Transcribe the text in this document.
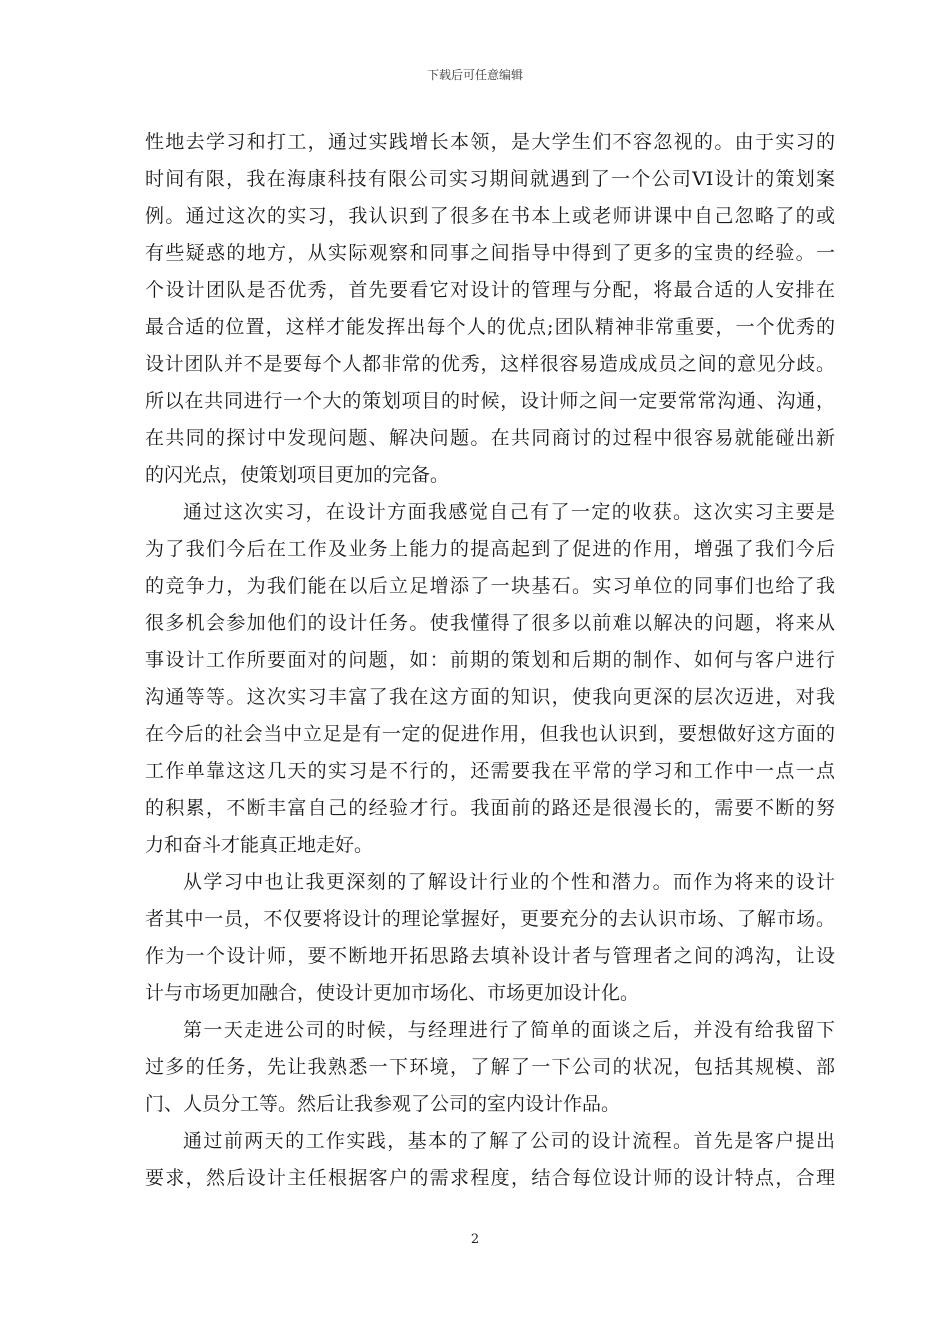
下载后可任意编辑
性地去学习和打工，通过实践增长本领，是大学生们不容忽视的。由于实习的
时间有限，我在海康科技有限公司实习期间就遇到了一个公司VI设计的策划案
例。通过这次的实习，我认识到了很多在书本上或老师讲课中自己忽略了的或
有些疑惑的地方，从实际观察和同事之间指导中得到了更多的宝贵的经验。一
个设计团队是否优秀，首先要看它对设计的管理与分配，将最合适的人安排在
最合适的位置，这样才能发挥出每个人的优点;团队精神非常重要，一个优秀的
设计团队并不是要每个人都非常的优秀，这样很容易造成成员之间的意见分歧。
所以在共同进行一个大的策划项目的时候，设计师之间一定要常常沟通、沟通，
在共同的探讨中发现问题、解决问题。在共同商讨的过程中很容易就能碰出新
的闪光点，使策划项目更加的完备。
通过这次实习，在设计方面我感觉自己有了一定的收获。这次实习主要是
为了我们今后在工作及业务上能力的提高起到了促进的作用，增强了我们今后
的竞争力，为我们能在以后立足增添了一块基石。实习单位的同事们也给了我
很多机会参加他们的设计任务。使我懂得了很多以前难以解决的问题，将来从
事设计工作所要面对的问题，如：前期的策划和后期的制作、如何与客户进行
沟通等等。这次实习丰富了我在这方面的知识，使我向更深的层次迈进，对我
在今后的社会当中立足是有一定的促进作用，但我也认识到，要想做好这方面的
工作单靠这这几天的实习是不行的，还需要我在平常的学习和工作中一点一点
的积累，不断丰富自己的经验才行。我面前的路还是很漫长的，需要不断的努
力和奋斗才能真正地走好。
从学习中也让我更深刻的了解设计行业的个性和潜力。而作为将来的设计
者其中一员，不仅要将设计的理论掌握好，更要充分的去认识市场、了解市场。
作为一个设计师，要不断地开拓思路去填补设计者与管理者之间的鸿沟，让设
计与市场更加融合，使设计更加市场化、市场更加设计化。
第一天走进公司的时候，与经理进行了简单的面谈之后，并没有给我留下
过多的任务，先让我熟悉一下环境，了解了一下公司的状况，包括其规模、部
门、人员分工等。然后让我参观了公司的室内设计作品。
通过前两天的工作实践，基本的了解了公司的设计流程。首先是客户提出
要求，然后设计主任根据客户的需求程度，结合每位设计师的设计特点，合理
2
